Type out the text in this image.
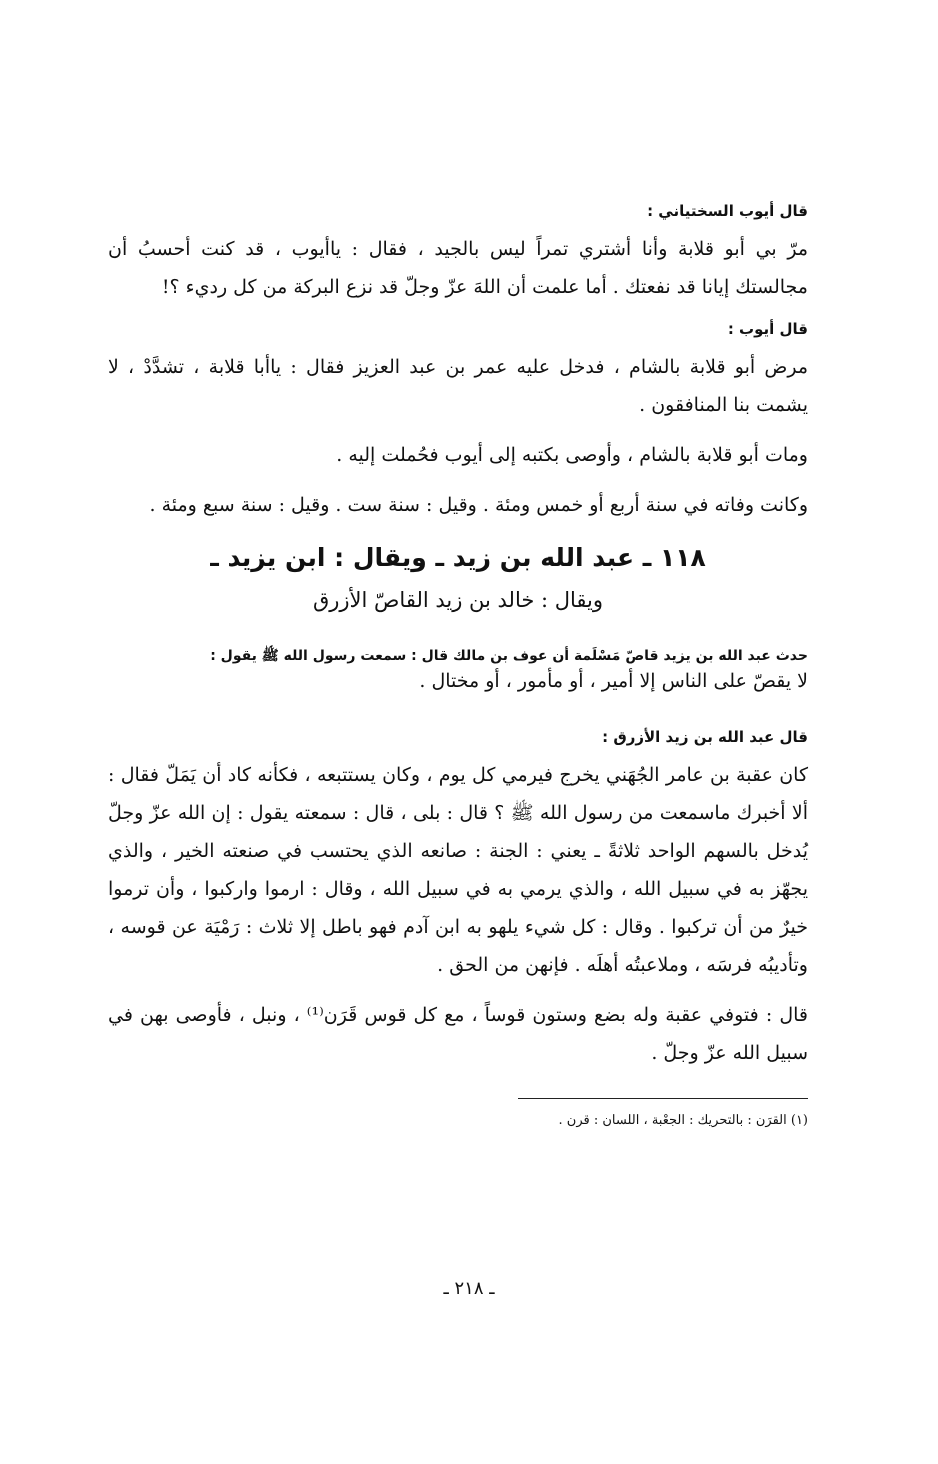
قال أيوب السختياني :

مرّ بي أبو قلابة وأنا أشتري تمراً ليس بالجيد ، فقال : ياأيوب ، قد كنت أحسبُ أن مجالستك إيانا قد نفعتك . أما علمت أن اللهَ عزّ وجلّ قد نزع البركة من كل رديء ؟!

قال أيوب :

مرض أبو قلابة بالشام ، فدخل عليه عمر بن عبد العزيز فقال : ياأبا قلابة ، تشدَّدْ ، لا يشمت بنا المنافقون .

ومات أبو قلابة بالشام ، وأوصى بكتبه إلى أيوب فحُملت إليه .

وكانت وفاته في سنة أربع أو خمس ومئة . وقيل : سنة ست . وقيل : سنة سبع ومئة .

١١٨ ـ عبد الله بن زيد ـ ويقال : ابن يزيد ـ
ويقال : خالد بن زيد القاصّ الأزرق

حدث عبد الله بن يزيد قاصّ مَسْلَمة أن عوف بن مالك قال : سمعت رسول الله ﷺ يقول :

لا يقصّ على الناس إلا أمير ، أو مأمور ، أو مختال .

قال عبد الله بن زيد الأزرق :

كان عقبة بن عامر الجُهَني يخرج فيرمي كل يوم ، وكان يستتبعه ، فكأنه كاد أن يَمَلّ فقال : ألا أخبرك ماسمعت من رسول الله ﷺ ؟ قال : بلى ، قال : سمعته يقول : إن الله عزّ وجلّ يُدخل بالسهم الواحد ثلاثةً ـ يعني : الجنة : صانعه الذي يحتسب في صنعته الخير ، والذي يجهّز به في سبيل الله ، والذي يرمي به في سبيل الله ، وقال : ارموا واركبوا ، وأن ترموا خيرٌ من أن تركبوا . وقال : كل شيء يلهو به ابن آدم فهو باطل إلا ثلاث : رَمْيَة عن قوسه ، وتأديبُه فرسَه ، وملاعبتُه أهلَه . فإنهن من الحق .

قال : فتوفي عقبة وله بضع وستون قوساً ، مع كل قوس قَرَن⁽¹⁾ ، ونبل ، فأوصى بهن في سبيل الله عزّ وجلّ .

(١) القرَن : بالتحريك : الجعْبة ، اللسان : قرن .

ـ ٢١٨ ـ
